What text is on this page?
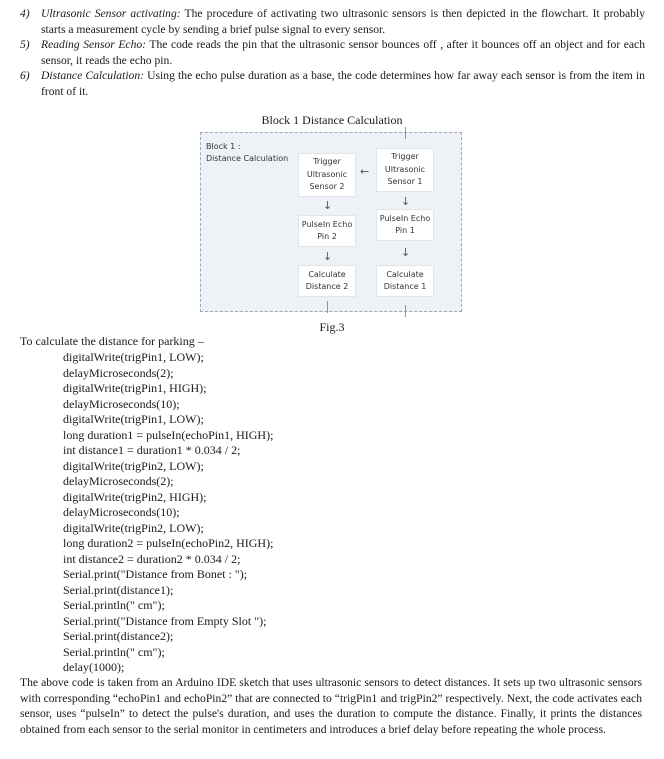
4) Ultrasonic Sensor activating: The procedure of activating two ultrasonic sensors is then depicted in the flowchart. It probably starts a measurement cycle by sending a brief pulse signal to every sensor.
5) Reading Sensor Echo: The code reads the pin that the ultrasonic sensor bounces off , after it bounces off an object and for each sensor, it reads the echo pin.
6) Distance Calculation: Using the echo pulse duration as a base, the code determines how far away each sensor is from the item in front of it.
Block 1 Distance Calculation
Block 1 :
Distance Calculation	Trigger
Ultrasonic
Sensor 2
Trigger
Ultrasonic
Sensor 1
←
↓	↓
PulseIn Echo
Pin 2
PulseIn Echo
Pin 1
↓	↓
Calculate
Distance 2
Calculate
Distance 1
Fig.3
To calculate the distance for parking –
digitalWrite(trigPin1, LOW);
delayMicroseconds(2);
digitalWrite(trigPin1, HIGH);
delayMicroseconds(10);
digitalWrite(trigPin1, LOW);
long duration1 = pulseIn(echoPin1, HIGH);
int distance1 = duration1 * 0.034 / 2;
digitalWrite(trigPin2, LOW);
delayMicroseconds(2);
digitalWrite(trigPin2, HIGH);
delayMicroseconds(10);
digitalWrite(trigPin2, LOW);
long duration2 = pulseIn(echoPin2, HIGH);
int distance2 = duration2 * 0.034 / 2;
Serial.print("Distance from Bonet : ");
Serial.print(distance1);
Serial.println(" cm");
Serial.print("Distance from Empty Slot ");
Serial.print(distance2);
Serial.println(" cm");
delay(1000);
The above code is taken from an Arduino IDE sketch that uses ultrasonic sensors to detect distances. It sets up two ultrasonic sensors with corresponding “echoPin1 and echoPin2” that are connected to “trigPin1 and trigPin2” respectively. Next, the code activates each sensor, uses “pulseIn” to detect the pulse's duration, and uses the duration to compute the distance. Finally, it prints the distances obtained from each sensor to the serial monitor in centimeters and introduces a brief delay before repeating the whole process.
